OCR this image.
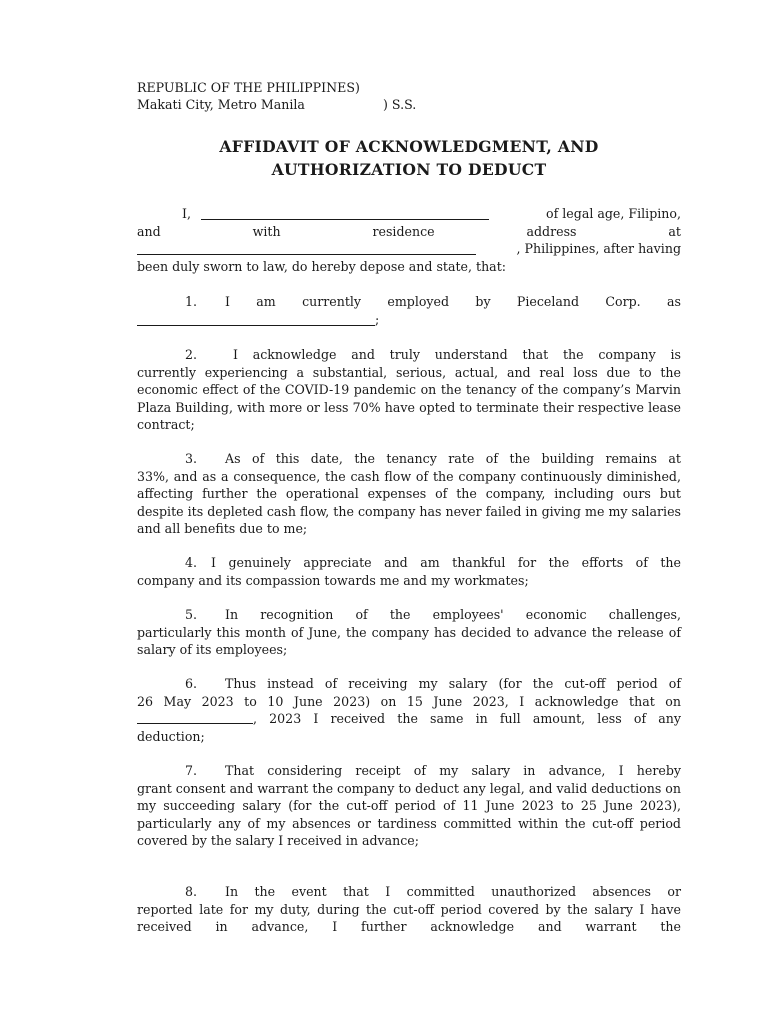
REPUBLIC OF THE PHILIPPINES)
Makati City, Metro Manila	) S.S.
AFFIDAVIT OF ACKNOWLEDGMENT, AND
AUTHORIZATION TO DEDUCT
I,	of legal age, Filipino,
and with residence address at
, Philippines, after having
been duly sworn to law, do hereby depose and state, that:
1.	I am currently employed by Pieceland Corp. as
;
2.	I acknowledge and truly understand that the company is
currently experiencing a substantial, serious, actual, and real loss due to the economic effect of the COVID-19 pandemic on the tenancy of the company’s Marvin Plaza Building, with more or less 70% have opted to terminate their respective lease contract;
3.	As of this date, the tenancy rate of the building remains at
33%, and as a consequence, the cash flow of the company continuously diminished, affecting further the operational expenses of the company, including ours but despite its depleted cash flow, the company has never failed in giving me my salaries and all benefits due to me;
4.	I genuinely appreciate and am thankful for the efforts of the
company and its compassion towards me and my workmates;
5.	In recognition of the employees' economic challenges,
particularly this month of June, the company has decided to advance the release of salary of its employees;
6.	Thus instead of receiving my salary (for the cut-off period of
26 May 2023 to 10 June 2023) on 15 June 2023, I acknowledge that on
, 2023 I received the same in full amount, less of any
deduction;
7.	That considering receipt of my salary in advance, I hereby
grant consent and warrant the company to deduct any legal, and valid deductions on my succeeding salary (for the cut-off period of 11 June 2023 to 25 June 2023), particularly any of my absences or tardiness committed within the cut-off period covered by the salary I received in advance;
8.	In the event that I committed unauthorized absences or
reported late for my duty, during the cut-off period covered by the salary I have received in advance, I further acknowledge and warrant the
